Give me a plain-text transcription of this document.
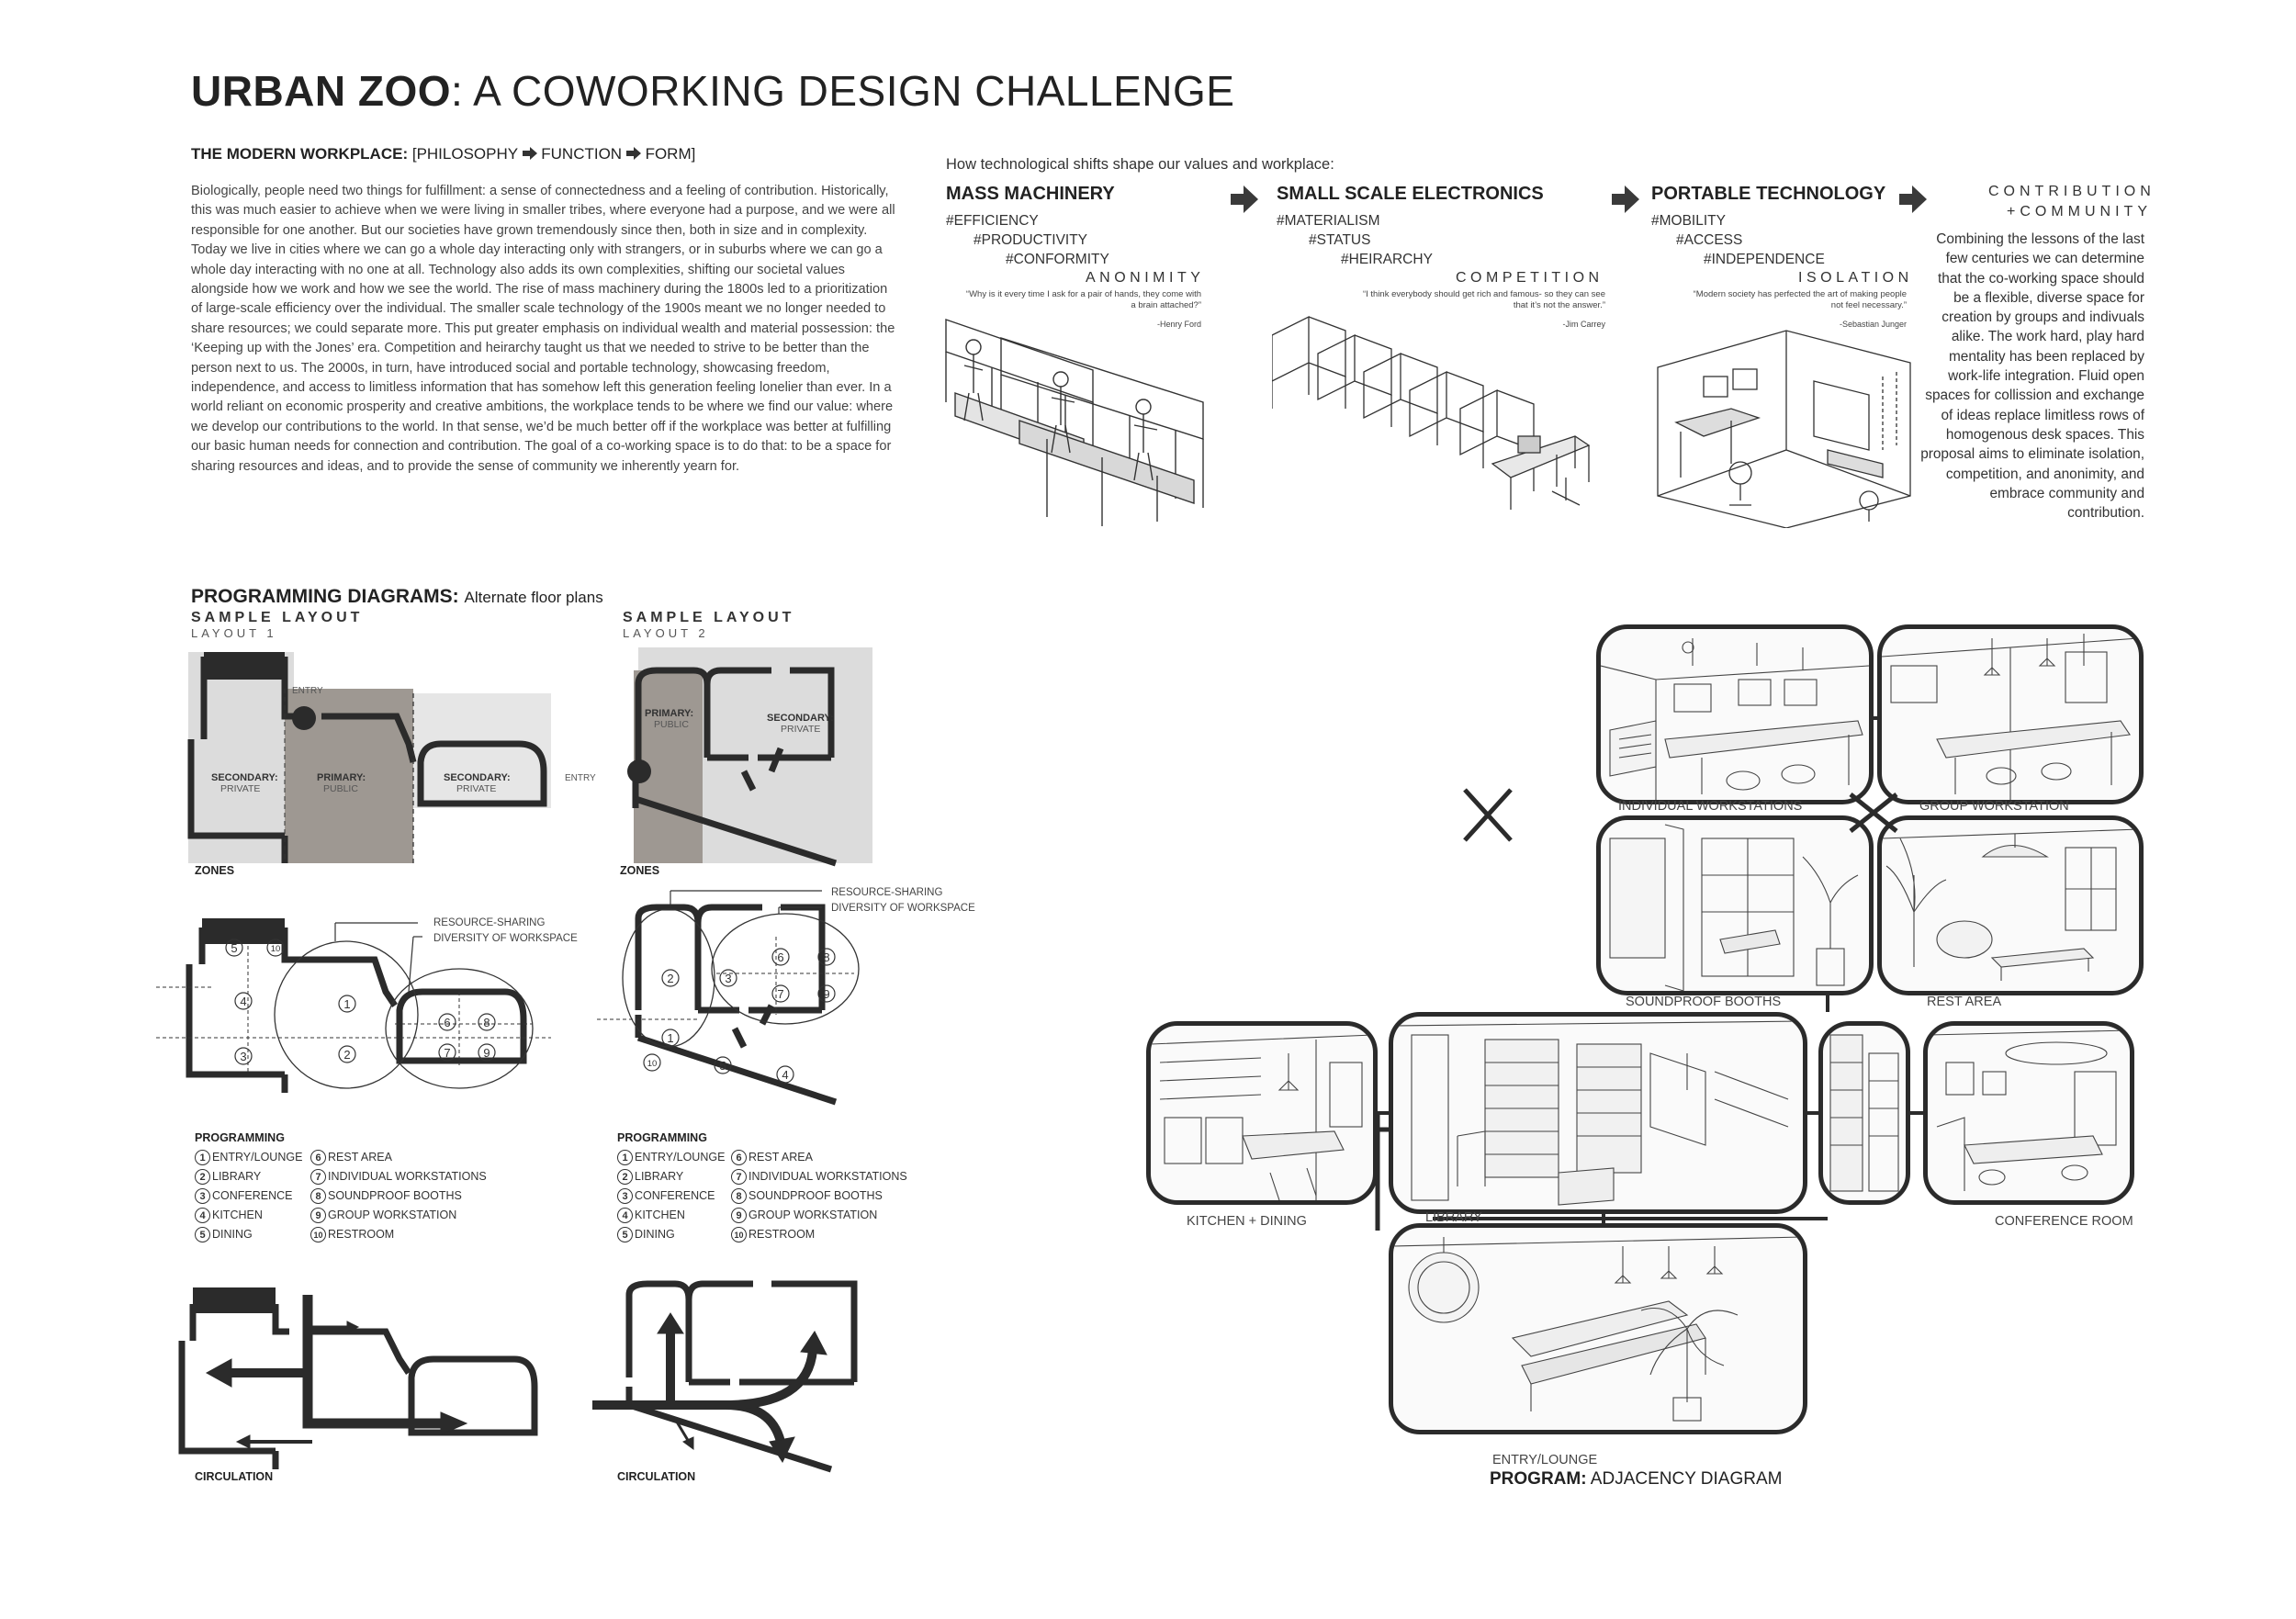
URBAN ZOO: A COWORKING DESIGN CHALLENGE
THE MODERN WORKPLACE: [PHILOSOPHY FUNCTION FORM]
Biologically, people need two things for fulfillment: a sense of connectedness and a feeling of contribution. Historically, this was much easier to achieve when we were living in smaller tribes, where everyone had a purpose, and we were all responsible for one another. But our societies have grown tremendously since then, both in size and in complexity. Today we live in cities where we can go a whole day interacting only with strangers, or in suburbs where we can go a whole day interacting with no one at all. Technology also adds its own complexities, shifting our societal values alongside how we work and how we see the world. The rise of mass machinery during the 1800s led to a prioritization of large-scale efficiency over the individual. The smaller scale technology of the 1900s meant we no longer needed to share resources; we could separate more. This put greater emphasis on individual wealth and material possession: the ‘Keeping up with the Jones’ era. Competition and heirarchy taught us that we needed to strive to be better than the person next to us. The 2000s, in turn, have introduced social and portable technology, showcasing freedom, independence, and access to limitless information that has somehow left this generation feeling lonelier than ever. In a world reliant on economic prosperity and creative ambitions, the workplace tends to be where we find our value: where we develop our contributions to the world. In that sense, we’d be much better off if the workplace was better at fulfilling our basic human needs for connection and contribution. The goal of a co-working space is to do that: to be a space for sharing resources and ideas, and to provide the sense of community we inherently yearn for.
How technological shifts shape our values and workplace:
MASS MACHINERY
#EFFICIENCY
#PRODUCTIVITY
#CONFORMITY
ANONIMITY
“Why is it every time I ask for a pair of hands, they come with a brain attached?”
-Henry Ford
SMALL SCALE ELECTRONICS
#MATERIALISM
#STATUS
#HEIRARCHY
COMPETITION
“I think everybody should get rich and famous- so they can see that it’s not the answer.”
-Jim Carrey
PORTABLE TECHNOLOGY
#MOBILITY
#ACCESS
#INDEPENDENCE
ISOLATION
“Modern society has perfected the art of making people not feel necessary.”
-Sebastian Junger
CONTRIBUTION
+COMMUNITY
Combining the lessons of the last few centuries we can determine that the co-working space should be a flexible, diverse space for creation by groups and indivuals alike. The work hard, play hard mentality has been replaced by work-life integration. Fluid open spaces for collission and exchange of ideas replace limitless rows of homogenous desk spaces. This proposal aims to eliminate isolation, competition, and anonimity, and embrace community and contribution.
PROGRAMMING DIAGRAMS: Alternate floor plans
SAMPLE LAYOUT
LAYOUT 1
SAMPLE LAYOUT
LAYOUT 2
SECONDARY:
PRIVATE
PRIMARY:
PUBLIC
SECONDARY:
PRIVATE
ENTRY
ZONES
PRIMARY:
PUBLIC
SECONDARY:
PRIVATE
ENTRY
ZONES
RESOURCE-SHARING
DIVERSITY OF WORKSPACE
5	10
4
3
1
2
6	8
7	9
RESOURCE-SHARING
DIVERSITY OF WORKSPACE
2	3
6	8
7	9
1
10	5
4
PROGRAMMING
1 ENTRY/LOUNGE
2 LIBRARY
3 CONFERENCE
4 KITCHEN
5 DINING
6 REST AREA
7 INDIVIDUAL WORKSTATIONS
8 SOUNDPROOF BOOTHS
9 GROUP WORKSTATION
10 RESTROOM
PROGRAMMING
1 ENTRY/LOUNGE
2 LIBRARY
3 CONFERENCE
4 KITCHEN
5 DINING
6 REST AREA
7 INDIVIDUAL WORKSTATIONS
8 SOUNDPROOF BOOTHS
9 GROUP WORKSTATION
10 RESTROOM
CIRCULATION	CIRCULATION
INDIVIDUAL WORKSTATIONS	GROUP WORKSTATION
SOUNDPROOF BOOTHS	REST AREA
KITCHEN + DINING	LIBRARY	CONFERENCE ROOM
ENTRY/LOUNGE
PROGRAM: ADJACENCY DIAGRAM
